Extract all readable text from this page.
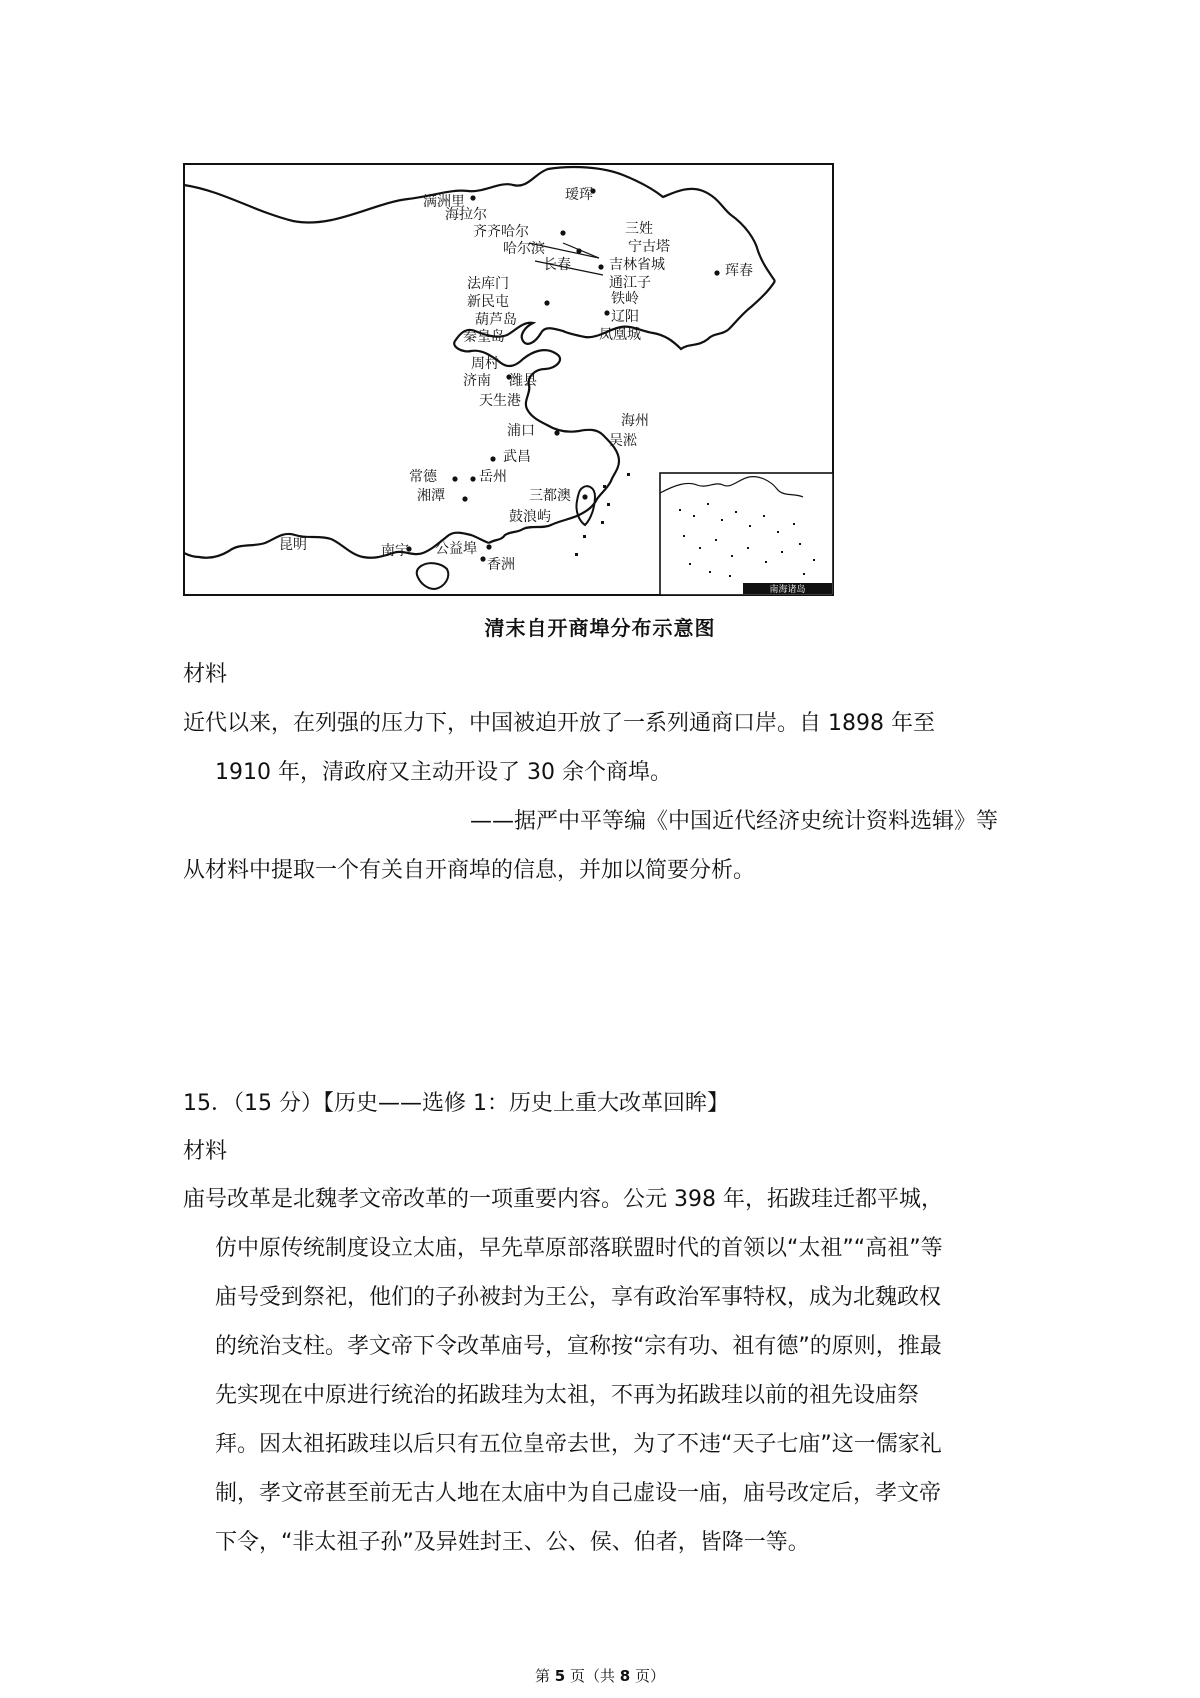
南海诸岛
满洲里
海拉尔
瑷珲
齐齐哈尔	三姓
哈尔滨	宁古塔
长春	吉林省城	珲春
法库门
新民屯
通江子
铁岭
葫芦岛	辽阳
秦皇岛	凤凰城
周村
济南 潍县
天生港
浦口
海州
吴淞
武昌
常德	岳州
湘潭	三都澳
鼓浪屿
昆明	南宁 公益埠
香洲
清末自开商埠分布示意图
材料
近代以来，在列强的压力下，中国被迫开放了一系列通商口岸。自 1898 年至
1910 年，清政府又主动开设了 30 余个商埠。
——据严中平等编《中国近代经济史统计资料选辑》等
从材料中提取一个有关自开商埠的信息，并加以简要分析。
15．（15 分）【历史——选修 1：历史上重大改革回眸】
材料
庙号改革是北魏孝文帝改革的一项重要内容。公元 398 年，拓跋珪迁都平城，
仿中原传统制度设立太庙，早先草原部落联盟时代的首领以“太祖”“高祖”等
庙号受到祭祀，他们的子孙被封为王公，享有政治军事特权，成为北魏政权
的统治支柱。孝文帝下令改革庙号，宣称按“宗有功、祖有德”的原则，推最
先实现在中原进行统治的拓跋珪为太祖，不再为拓跋珪以前的祖先设庙祭
拜。因太祖拓跋珪以后只有五位皇帝去世，为了不违“天子七庙”这一儒家礼
制，孝文帝甚至前无古人地在太庙中为自己虚设一庙，庙号改定后，孝文帝
下令，“非太祖子孙”及异姓封王、公、侯、伯者，皆降一等。
第 5 页（共 8 页）
